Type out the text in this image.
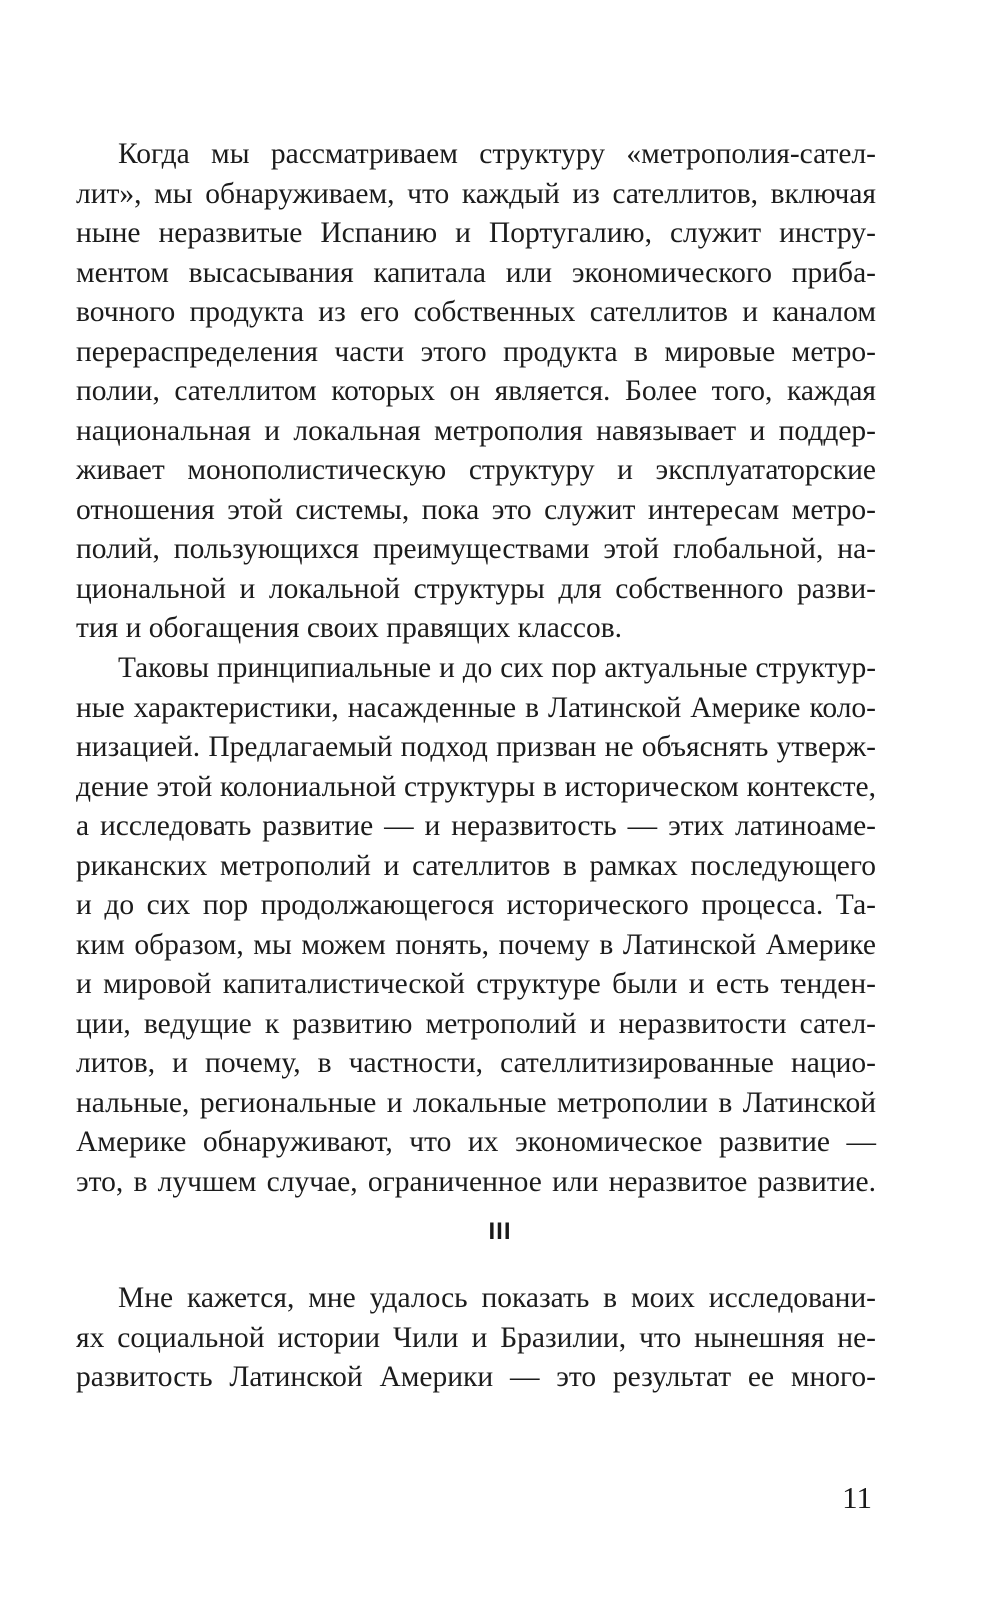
Когда мы рассматриваем структуру «метрополия-сател-
лит», мы обнаруживаем, что каждый из сателлитов, включая
ныне неразвитые Испанию и Португалию, служит инстру-
ментом высасывания капитала или экономического приба-
вочного продукта из его собственных сателлитов и каналом
перераспределения части этого продукта в мировые метро-
полии, сателлитом которых он является. Более того, каждая
национальная и локальная метрополия навязывает и поддер-
живает монополистическую структуру и эксплуататорские
отношения этой системы, пока это служит интересам метро-
полий, пользующихся преимуществами этой глобальной, на-
циональной и локальной структуры для собственного разви-
тия и обогащения своих правящих классов.
Таковы принципиальные и до сих пор актуальные структур-
ные характеристики, насажденные в Латинской Америке коло-
низацией. Предлагаемый подход призван не объяснять утверж-
дение этой колониальной структуры в историческом контексте,
а исследовать развитие — и неразвитость — этих латиноаме-
риканских метрополий и сателлитов в рамках последующего
и до сих пор продолжающегося исторического процесса. Та-
ким образом, мы можем понять, почему в Латинской Америке
и мировой капиталистической структуре были и есть тенден-
ции, ведущие к развитию метрополий и неразвитости сател-
литов, и почему, в частности, сателлитизированные нацио-
нальные, региональные и локальные метрополии в Латинской
Америке обнаруживают, что их экономическое развитие —
это, в лучшем случае, ограниченное или неразвитое развитие.
III
Мне кажется, мне удалось показать в моих исследовани-
ях социальной истории Чили и Бразилии, что нынешняя не-
развитость Латинской Америки — это результат ее много-
11
